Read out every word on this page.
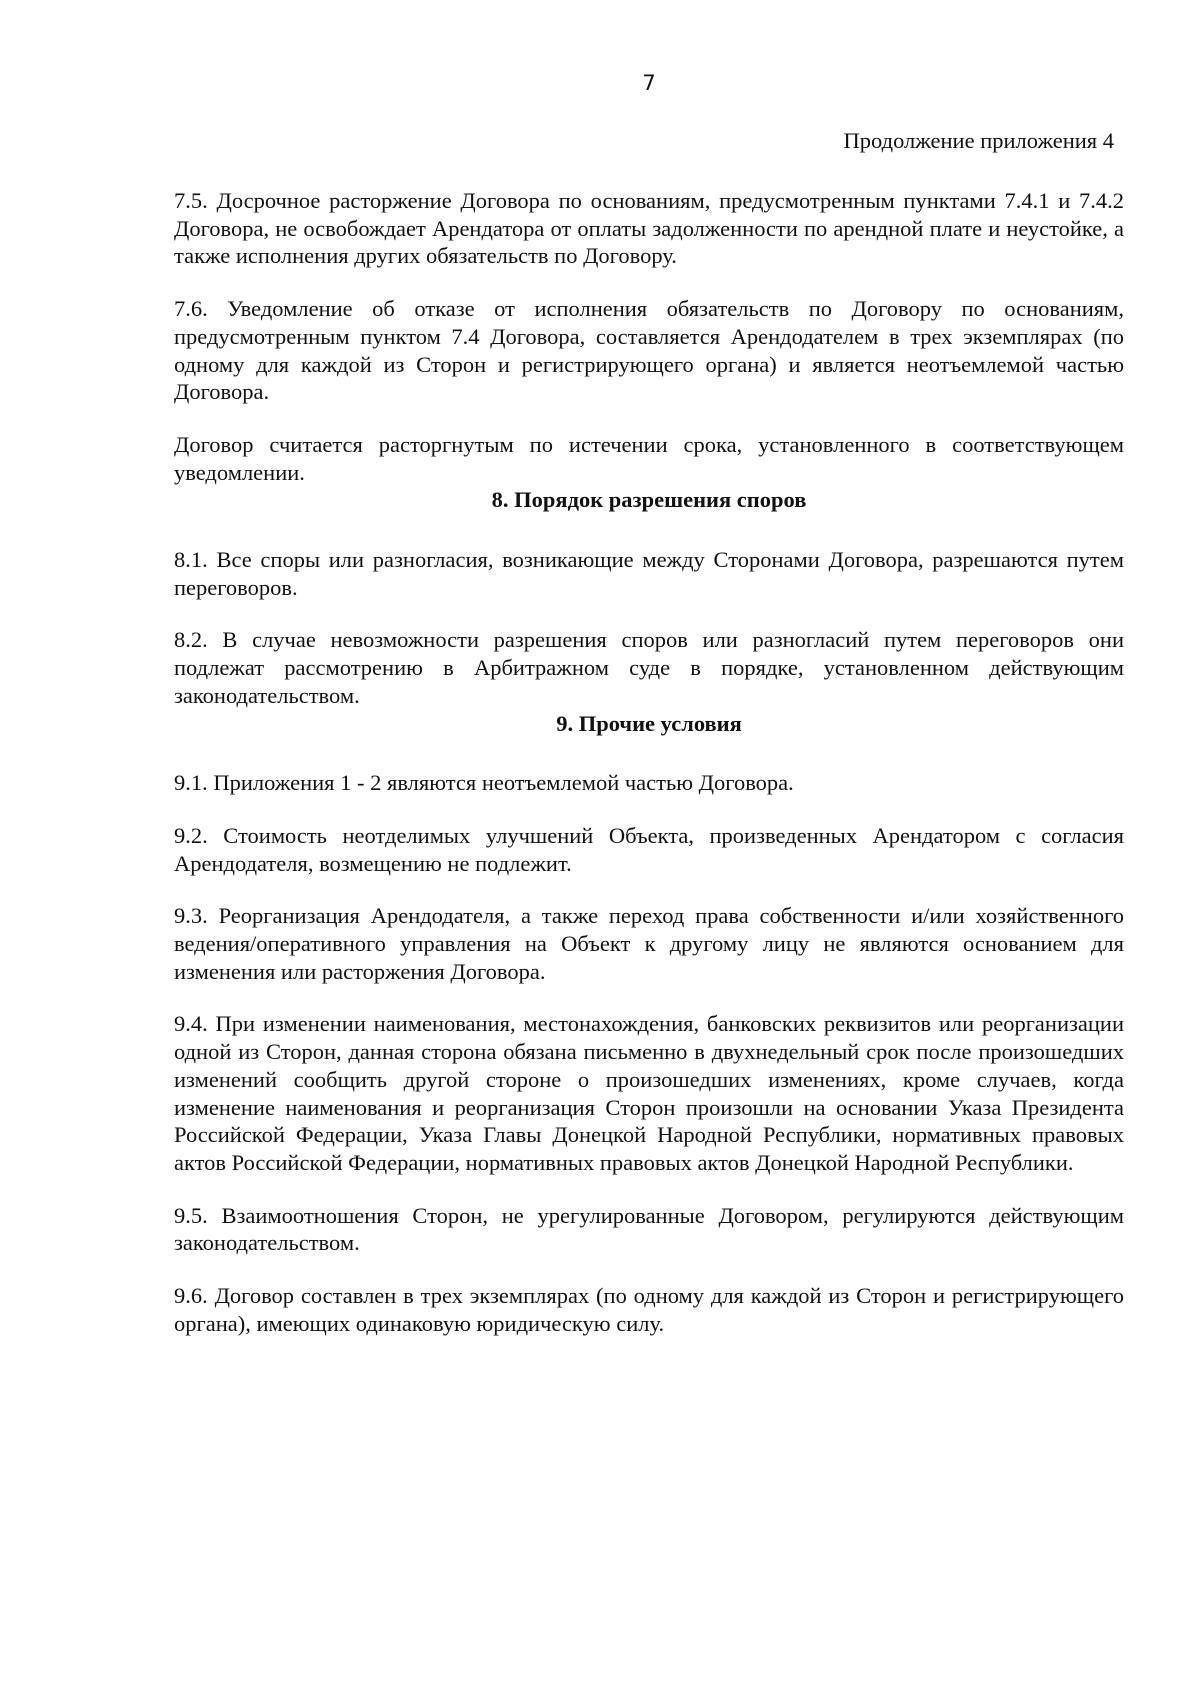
7
Продолжение приложения 4

7.5. Досрочное расторжение Договора по основаниям, предусмотренным пунктами 7.4.1 и 7.4.2 Договора, не освобождает Арендатора от оплаты задолженности по арендной плате и неустойке, а также исполнения других обязательств по Договору.

7.6. Уведомление об отказе от исполнения обязательств по Договору по основаниям, предусмотренным пунктом 7.4 Договора, составляется Арендодателем в трех экземплярах (по одному для каждой из Сторон и регистрирующего органа) и является неотъемлемой частью Договора.

Договор считается расторгнутым по истечении срока, установленного в соответствующем уведомлении.

8. Порядок разрешения споров

8.1. Все споры или разногласия, возникающие между Сторонами Договора, разрешаются путем переговоров.

8.2. В случае невозможности разрешения споров или разногласий путем переговоров они подлежат рассмотрению в Арбитражном суде в порядке, установленном действующим законодательством.

9. Прочие условия

9.1. Приложения 1 - 2 являются неотъемлемой частью Договора.

9.2. Стоимость неотделимых улучшений Объекта, произведенных Арендатором с согласия Арендодателя, возмещению не подлежит.

9.3. Реорганизация Арендодателя, а также переход права собственности и/или хозяйственного ведения/оперативного управления на Объект к другому лицу не являются основанием для изменения или расторжения Договора.

9.4. При изменении наименования, местонахождения, банковских реквизитов или реорганизации одной из Сторон, данная сторона обязана письменно в двухнедельный срок после произошедших изменений сообщить другой стороне о произошедших изменениях, кроме случаев, когда изменение наименования и реорганизация Сторон произошли на основании Указа Президента Российской Федерации, Указа Главы Донецкой Народной Республики, нормативных правовых актов Российской Федерации, нормативных правовых актов Донецкой Народной Республики.

9.5. Взаимоотношения Сторон, не урегулированные Договором, регулируются действующим законодательством.

9.6. Договор составлен в трех экземплярах (по одному для каждой из Сторон и регистрирующего органа), имеющих одинаковую юридическую силу.
